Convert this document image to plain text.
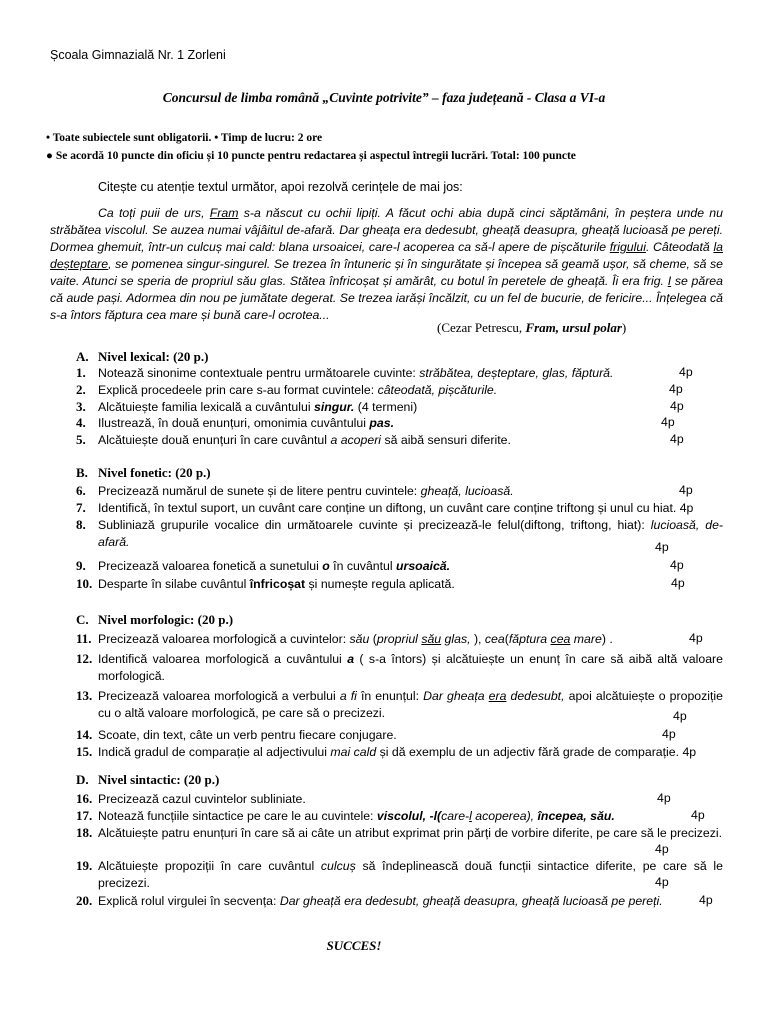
Școala Gimnazială Nr. 1 Zorleni
Concursul de limba română „Cuvinte potrivite” – faza județeană - Clasa a VI-a
• Toate subiectele sunt obligatorii. • Timp de lucru: 2 ore
● Se acordă 10 puncte din oficiu și 10 puncte pentru redactarea și aspectul întregii lucrări. Total: 100 puncte
Citește cu atenție textul următor, apoi rezolvă cerințele de mai jos:
Ca toți puii de urs, Fram s-a născut cu ochii lipiți. A făcut ochi abia după cinci săptămâni, în peștera unde nu străbătea viscolul. Se auzea numai vâjâitul de-afară. Dar gheața era dedesubt, gheață deasupra, gheață lucioasă pe pereți. Dormea ghemuit, într-un culcuș mai cald: blana ursoaicei, care-l acoperea ca să-l apere de pișcăturile frigului. Câteodată la deșteptare, se pomenea singur-singurel. Se trezea în întuneric și în singurătate și începea să geamă ușor, să cheme, să se vaite. Atunci se speria de propriul său glas. Stătea înfricoșat și amărât, cu botul în peretele de gheață. Îi era frig. I se părea că aude pași. Adormea din nou pe jumătate degerat. Se trezea iarăși încălzit, cu un fel de bucurie, de fericire... Înțelegea că s-a întors făptura cea mare și bună care-l ocrotea...
(Cezar Petrescu, Fram, ursul polar)
A. Nivel lexical: (20 p.)
1. Notează sinonime contextuale pentru următoarele cuvinte: străbătea, deșteptare, glas, făptură.	4p
2. Explică procedeele prin care s-au format cuvintele: câteodată, pișcăturile.	4p
3. Alcătuiește familia lexicală a cuvântului singur. (4 termeni)	4p
4. Ilustrează, în două enunțuri, omonimia cuvântului pas.	4p
5. Alcătuiește două enunțuri în care cuvântul a acoperi să aibă sensuri diferite.	4p
B. Nivel fonetic: (20 p.)
6. Precizează numărul de sunete și de litere pentru cuvintele: gheață, lucioasă.	4p
7. Identifică, în textul suport, un cuvânt care conține un diftong, un cuvânt care conține triftong și unul cu hiat. 4p
8. Subliniază grupurile vocalice din următoarele cuvinte și precizează-le felul(diftong, triftong, hiat): lucioasă, de-afară.	4p
9. Precizează valoarea fonetică a sunetului o în cuvântul ursoaică.	4p
10. Desparte în silabe cuvântul înfricoșat și numește regula aplicată.	4p
C. Nivel morfologic: (20 p.)
11. Precizează valoarea morfologică a cuvintelor: său (propriul său glas, ), cea(făptura cea mare) .	4p
12. Identifică valoarea morfologică a cuvântului a ( s-a întors) și alcătuiește un enunț în care să aibă altă valoare morfologică.
13. Precizează valoarea morfologică a verbului a fi în enunțul: Dar gheața era dedesubt, apoi alcătuiește o propoziție cu o altă valoare morfologică, pe care să o precizezi.	4p
14. Scoate, din text, câte un verb pentru fiecare conjugare.	4p
15. Indică gradul de comparație al adjectivului mai cald și dă exemplu de un adjectiv fără grade de comparație. 4p
D. Nivel sintactic: (20 p.)
16. Precizează cazul cuvintelor subliniate.	4p
17. Notează funcțiile sintactice pe care le au cuvintele: viscolul, -l(care-l acoperea), începea, său.	4p
18. Alcătuiește patru enunțuri în care să ai câte un atribut exprimat prin părți de vorbire diferite, pe care să le precizezi.
4p
19. Alcătuiește propoziții în care cuvântul culcuș să îndeplinească două funcții sintactice diferite, pe care să le precizezi.	4p
20. Explică rolul virgulei în secvența: Dar gheață era dedesubt, gheață deasupra, gheață lucioasă pe pereți.	4p
SUCCES!
